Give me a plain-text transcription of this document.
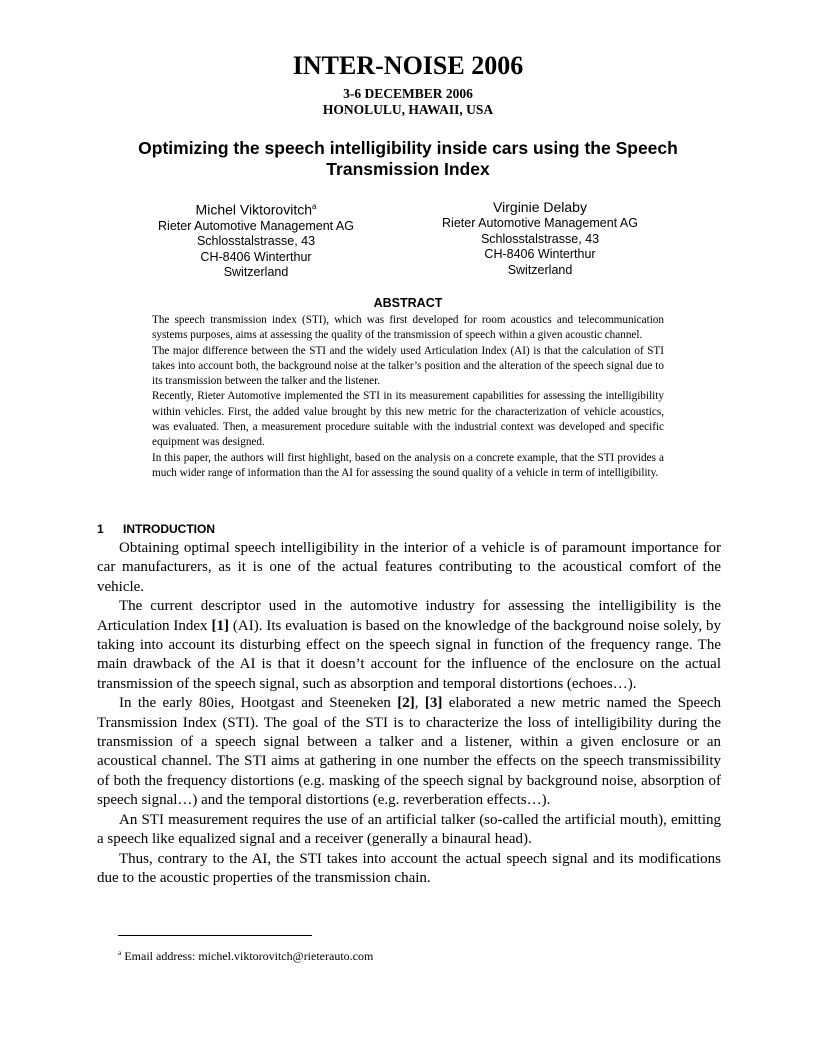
INTER-NOISE 2006
3-6 DECEMBER 2006
HONOLULU, HAWAII, USA
Optimizing the speech intelligibility inside cars using the Speech Transmission Index
Michel Viktorovitch$^a$
Rieter Automotive Management AG
Schlosstalstrasse, 43
CH-8406 Winterthur
Switzerland
Virginie Delaby
Rieter Automotive Management AG
Schlosstalstrasse, 43
CH-8406 Winterthur
Switzerland
ABSTRACT

The speech transmission index (STI), which was first developed for room acoustics and telecommunication systems purposes, aims at assessing the quality of the transmission of speech within a given acoustic channel.

The major difference between the STI and the widely used Articulation Index (AI) is that the calculation of STI takes into account both, the background noise at the talker’s position and the alteration of the speech signal due to its transmission between the talker and the listener.

Recently, Rieter Automotive implemented the STI in its measurement capabilities for assessing the intelligibility within vehicles. First, the added value brought by this new metric for the characterization of vehicle acoustics, was evaluated. Then, a measurement procedure suitable with the industrial context was developed and specific equipment was designed.

In this paper, the authors will first highlight, based on the analysis on a concrete example, that the STI provides a much wider range of information than the AI for assessing the sound quality of a vehicle in term of intelligibility.

1 INTRODUCTION

Obtaining optimal speech intelligibility in the interior of a vehicle is of paramount importance for car manufacturers, as it is one of the actual features contributing to the acoustical comfort of the vehicle.

The current descriptor used in the automotive industry for assessing the intelligibility is the Articulation Index [1] (AI). Its evaluation is based on the knowledge of the background noise solely, by taking into account its disturbing effect on the speech signal in function of the frequency range. The main drawback of the AI is that it doesn’t account for the influence of the enclosure on the actual transmission of the speech signal, such as absorption and temporal distortions (echoes…).

In the early 80ies, Hootgast and Steeneken [2], [3] elaborated a new metric named the Speech Transmission Index (STI). The goal of the STI is to characterize the loss of intelligibility during the transmission of a speech signal between a talker and a listener, within a given enclosure or an acoustical channel. The STI aims at gathering in one number the effects on the speech transmissibility of both the frequency distortions (e.g. masking of the speech signal by background noise, absorption of speech signal…) and the temporal distortions (e.g. reverberation effects…).

An STI measurement requires the use of an artificial talker (so-called the artificial mouth), emitting a speech like equalized signal and a receiver (generally a binaural head).

Thus, contrary to the AI, the STI takes into account the actual speech signal and its modifications due to the acoustic properties of the transmission chain.

$^a$ Email address: michel.viktorovitch@rieterauto.com
